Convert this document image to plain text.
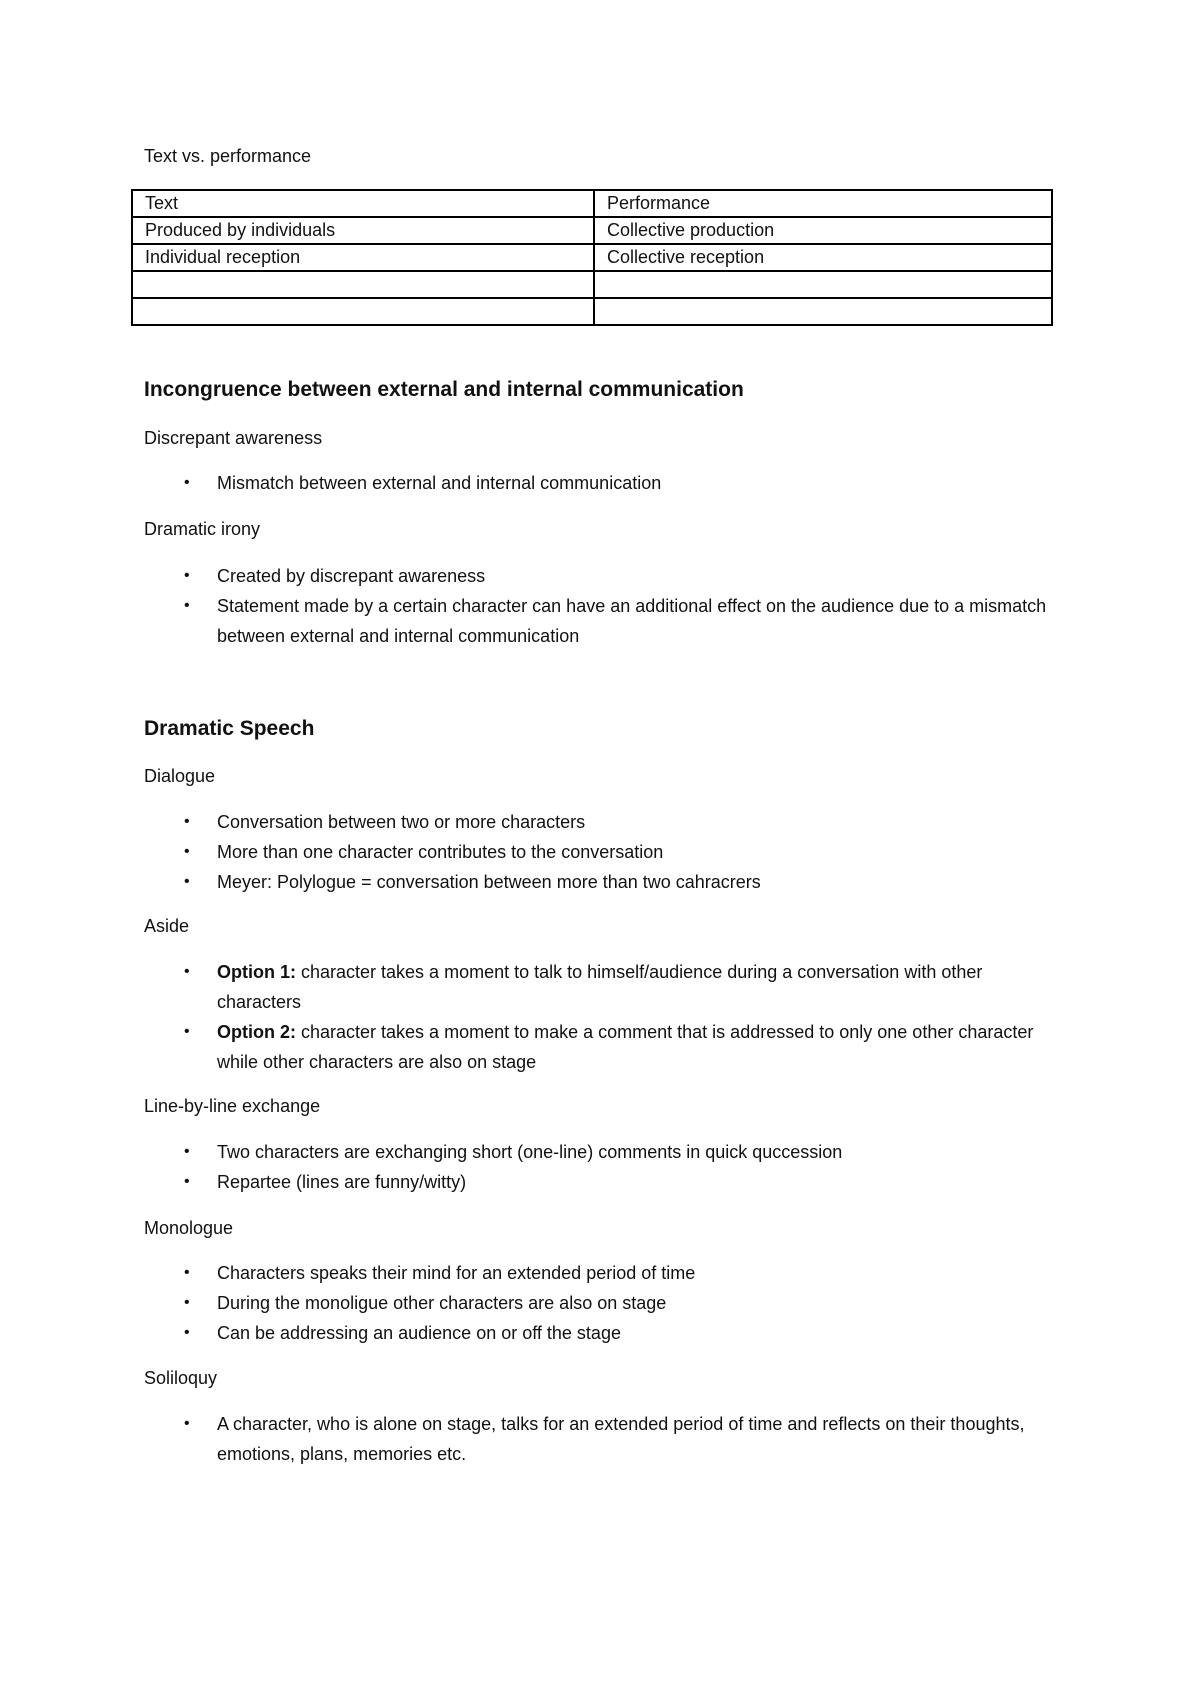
Text vs. performance

Text	Performance
Produced by individuals	Collective production
Individual reception	Collective reception

Incongruence between external and internal communication

Discrepant awareness

• Mismatch between external and internal communication

Dramatic irony

• Created by discrepant awareness
• Statement made by a certain character can have an additional effect on the audience due to a mismatch between external and internal communication
Dramatic Speech

Dialogue

• Conversation between two or more characters
• More than one character contributes to the conversation
• Meyer: Polylogue = conversation between more than two cahracrers

Aside

• Option 1: character takes a moment to talk to himself/audience during a conversation with other characters
• Option 2: character takes a moment to make a comment that is addressed to only one other character while other characters are also on stage

Line-by-line exchange

• Two characters are exchanging short (one-line) comments in quick quccession
• Repartee (lines are funny/witty)

Monologue

• Characters speaks their mind for an extended period of time
• During the monoligue other characters are also on stage
• Can be addressing an audience on or off the stage

Soliloquy

• A character, who is alone on stage, talks for an extended period of time and reflects on their thoughts, emotions, plans, memories etc.
